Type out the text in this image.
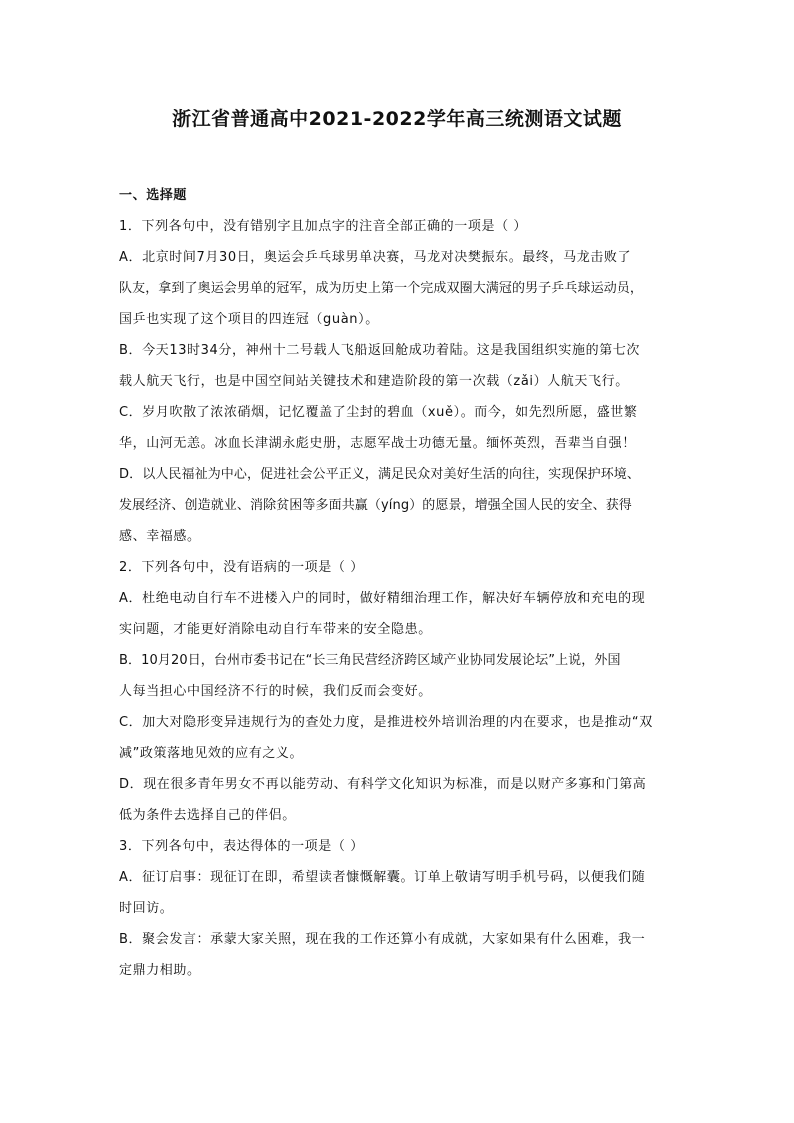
浙江省普通高中2021-2022学年高三统测语文试题
一、选择题
1．下列各句中，没有错别字且加点字的注音全部正确的一项是（ ）
A．北京时间7月30日，奥运会乒乓球男单决赛，马龙对决樊振东。最终，马龙击败了
队友，拿到了奥运会男单的冠军，成为历史上第一个完成双圈大满冠的男子乒乓球运动员，
国乒也实现了这个项目的四连冠（guàn）。
B．今天13时34分，神州十二号载人飞船返回舱成功着陆。这是我国组织实施的第七次
载人航天飞行，也是中国空间站关键技术和建造阶段的第一次载（zǎi）人航天飞行。
C．岁月吹散了浓浓硝烟，记忆覆盖了尘封的碧血（xuě）。而今，如先烈所愿，盛世繁
华，山河无恙。冰血长津湖永彪史册，志愿军战士功德无量。缅怀英烈，吾辈当自强！
D．以人民福祉为中心，促进社会公平正义，满足民众对美好生活的向往，实现保护环境、
发展经济、创造就业、消除贫困等多面共赢（yíng）的愿景，增强全国人民的安全、获得
感、幸福感。
2．下列各句中，没有语病的一项是（ ）
A．杜绝电动自行车不进楼入户的同时，做好精细治理工作，解决好车辆停放和充电的现
实问题，才能更好消除电动自行车带来的安全隐患。
B．10月20日，台州市委书记在“长三角民营经济跨区域产业协同发展论坛”上说，外国
人每当担心中国经济不行的时候，我们反而会变好。
C．加大对隐形变异违规行为的查处力度，是推进校外培训治理的内在要求，也是推动“双
减”政策落地见效的应有之义。
D．现在很多青年男女不再以能劳动、有科学文化知识为标准，而是以财产多寡和门第高
低为条件去选择自己的伴侣。
3．下列各句中，表达得体的一项是（ ）
A．征订启事：现征订在即，希望读者慷慨解囊。订单上敬请写明手机号码，以便我们随
时回访。
B．聚会发言：承蒙大家关照，现在我的工作还算小有成就，大家如果有什么困难，我一
定鼎力相助。
